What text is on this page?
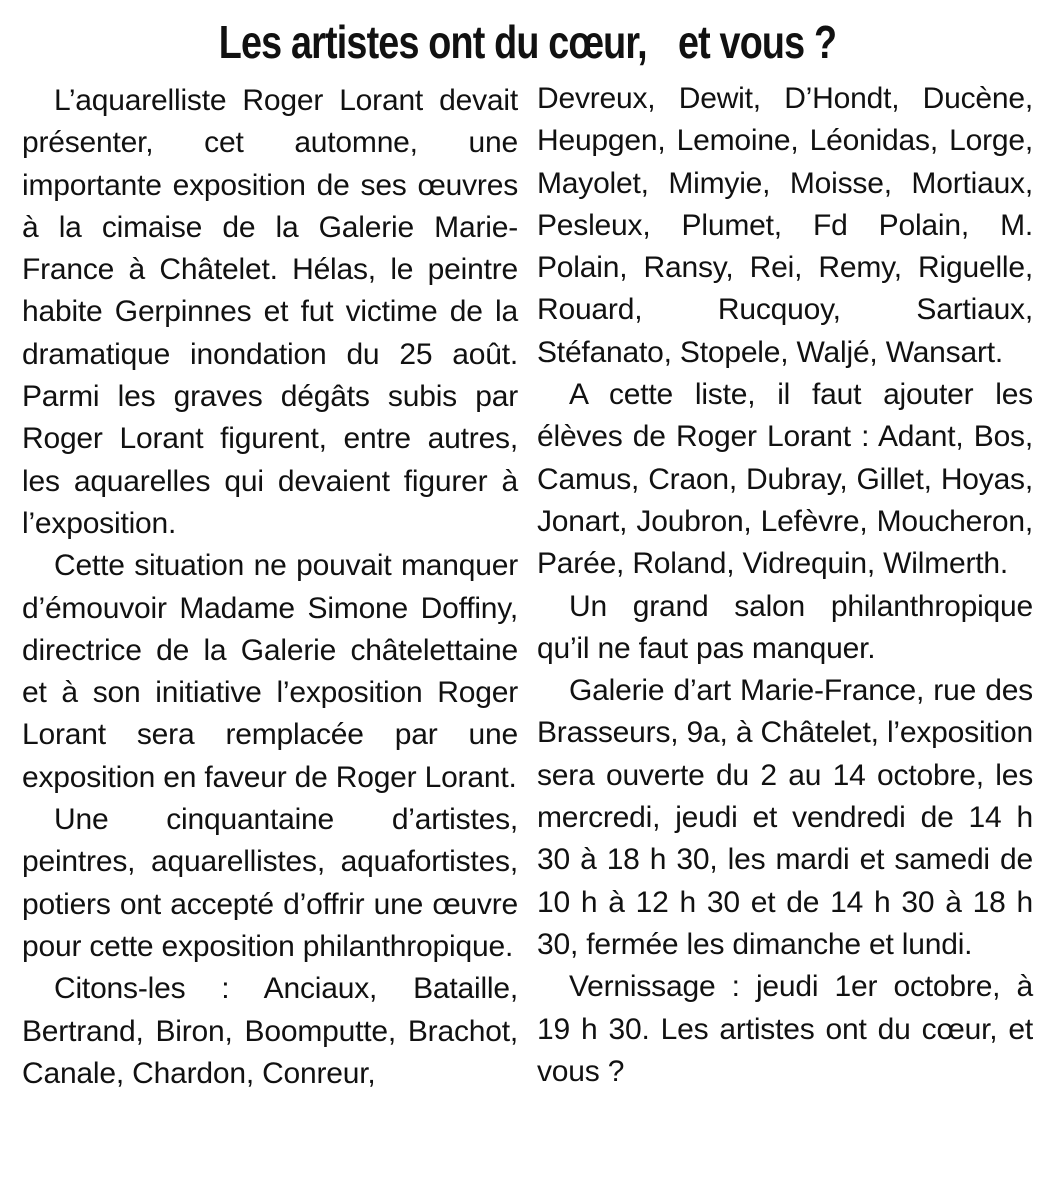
Les artistes ont du cœur, et vous ?

L’aquarelliste Roger Lorant devait présenter, cet automne, une importante exposition de ses œuvres à la cimaise de la Galerie Marie-France à Châtelet. Hélas, le peintre habite Gerpinnes et fut victime de la dramatique inondation du 25 août. Parmi les graves dégâts subis par Roger Lorant figurent, entre autres, les aquarelles qui devaient figurer à l’exposition.

Cette situation ne pouvait manquer d’émouvoir Madame Simone Doffiny, directrice de la Galerie châtelettaine et à son initiative l’exposition Roger Lorant sera remplacée par une exposition en faveur de Roger Lorant.

Une cinquantaine d’artistes, peintres, aquarellistes, aquafortistes, potiers ont accepté d’offrir une œuvre pour cette exposition philanthropique.

Citons-les : Anciaux, Bataille, Bertrand, Biron, Boomputte, Brachot, Canale, Chardon, Conreur,

Devreux, Dewit, D’Hondt, Ducène, Heupgen, Lemoine, Léonidas, Lorge, Mayolet, Mimyie, Moisse, Mortiaux, Pesleux, Plumet, Fd Polain, M. Polain, Ransy, Rei, Remy, Riguelle, Rouard, Rucquoy, Sartiaux, Stéfanato, Stopele, Waljé, Wansart.

A cette liste, il faut ajouter les élèves de Roger Lorant : Adant, Bos, Camus, Craon, Dubray, Gillet, Hoyas, Jonart, Joubron, Lefèvre, Moucheron, Parée, Roland, Vidrequin, Wilmerth.

Un grand salon philanthropique qu’il ne faut pas manquer.

Galerie d’art Marie-France, rue des Brasseurs, 9a, à Châtelet, l’exposition sera ouverte du 2 au 14 octobre, les mercredi, jeudi et vendredi de 14 h 30 à 18 h 30, les mardi et samedi de 10 h à 12 h 30 et de 14 h 30 à 18 h 30, fermée les dimanche et lundi.

Vernissage : jeudi 1er octobre, à 19 h 30. Les artistes ont du cœur, et vous ?
